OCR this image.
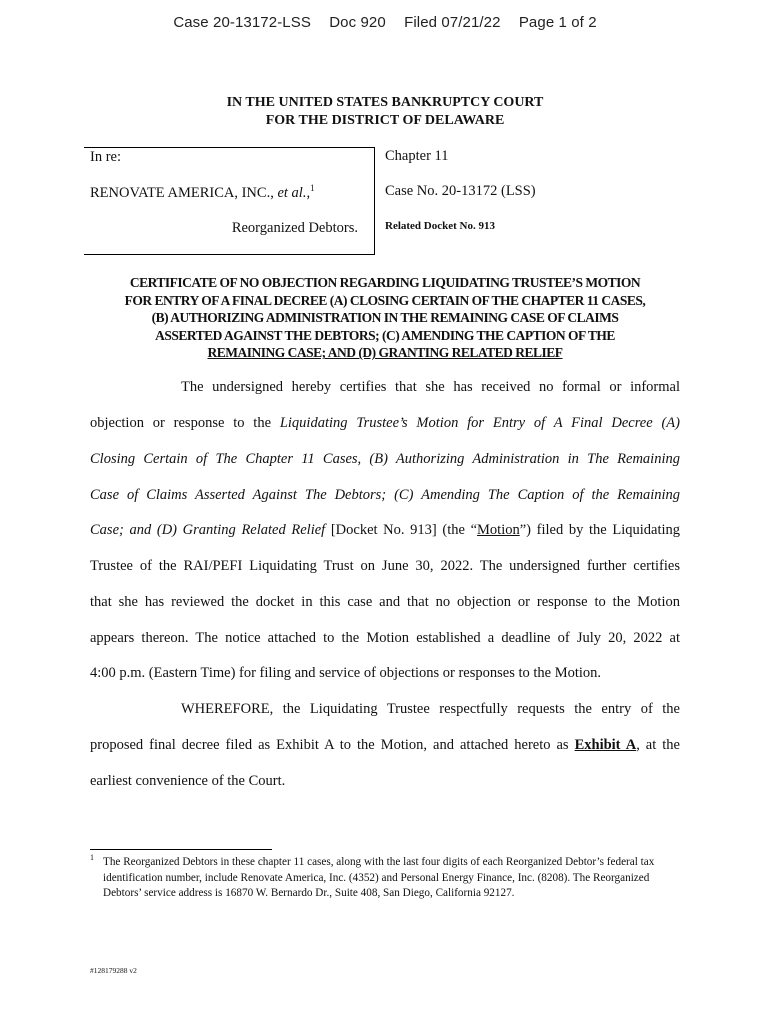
Case 20-13172-LSS Doc 920 Filed 07/21/22 Page 1 of 2
IN THE UNITED STATES BANKRUPTCY COURT
FOR THE DISTRICT OF DELAWARE
In re:
RENOVATE AMERICA, INC., et al.,$^1$
Reorganized Debtors.
Chapter 11
Case No. 20-13172 (LSS)
Related Docket No. 913
CERTIFICATE OF NO OBJECTION REGARDING LIQUIDATING TRUSTEE’S MOTION
FOR ENTRY OF A FINAL DECREE (A) CLOSING CERTAIN OF THE CHAPTER 11 CASES,
(B) AUTHORIZING ADMINISTRATION IN THE REMAINING CASE OF CLAIMS
ASSERTED AGAINST THE DEBTORS; (C) AMENDING THE CAPTION OF THE
REMAINING CASE; AND (D) GRANTING RELATED RELIEF
The undersigned hereby certifies that she has received no formal or informal
objection or response to the Liquidating Trustee’s Motion for Entry of A Final Decree (A)
Closing Certain of The Chapter 11 Cases, (B) Authorizing Administration in The Remaining
Case of Claims Asserted Against The Debtors; (C) Amending The Caption of the Remaining
Case; and (D) Granting Related Relief [Docket No. 913] (the “Motion”) filed by the Liquidating
Trustee of the RAI/PEFI Liquidating Trust on June 30, 2022. The undersigned further certifies
that she has reviewed the docket in this case and that no objection or response to the Motion
appears thereon. The notice attached to the Motion established a deadline of July 20, 2022 at
4:00 p.m. (Eastern Time) for filing and service of objections or responses to the Motion.
WHEREFORE, the Liquidating Trustee respectfully requests the entry of the
proposed final decree filed as Exhibit A to the Motion, and attached hereto as Exhibit A, at the
earliest convenience of the Court.
1 The Reorganized Debtors in these chapter 11 cases, along with the last four digits of each Reorganized Debtor’s federal tax identification number, include Renovate America, Inc. (4352) and Personal Energy Finance, Inc. (8208). The Reorganized Debtors’ service address is 16870 W. Bernardo Dr., Suite 408, San Diego, California 92127.
#128179288 v2
